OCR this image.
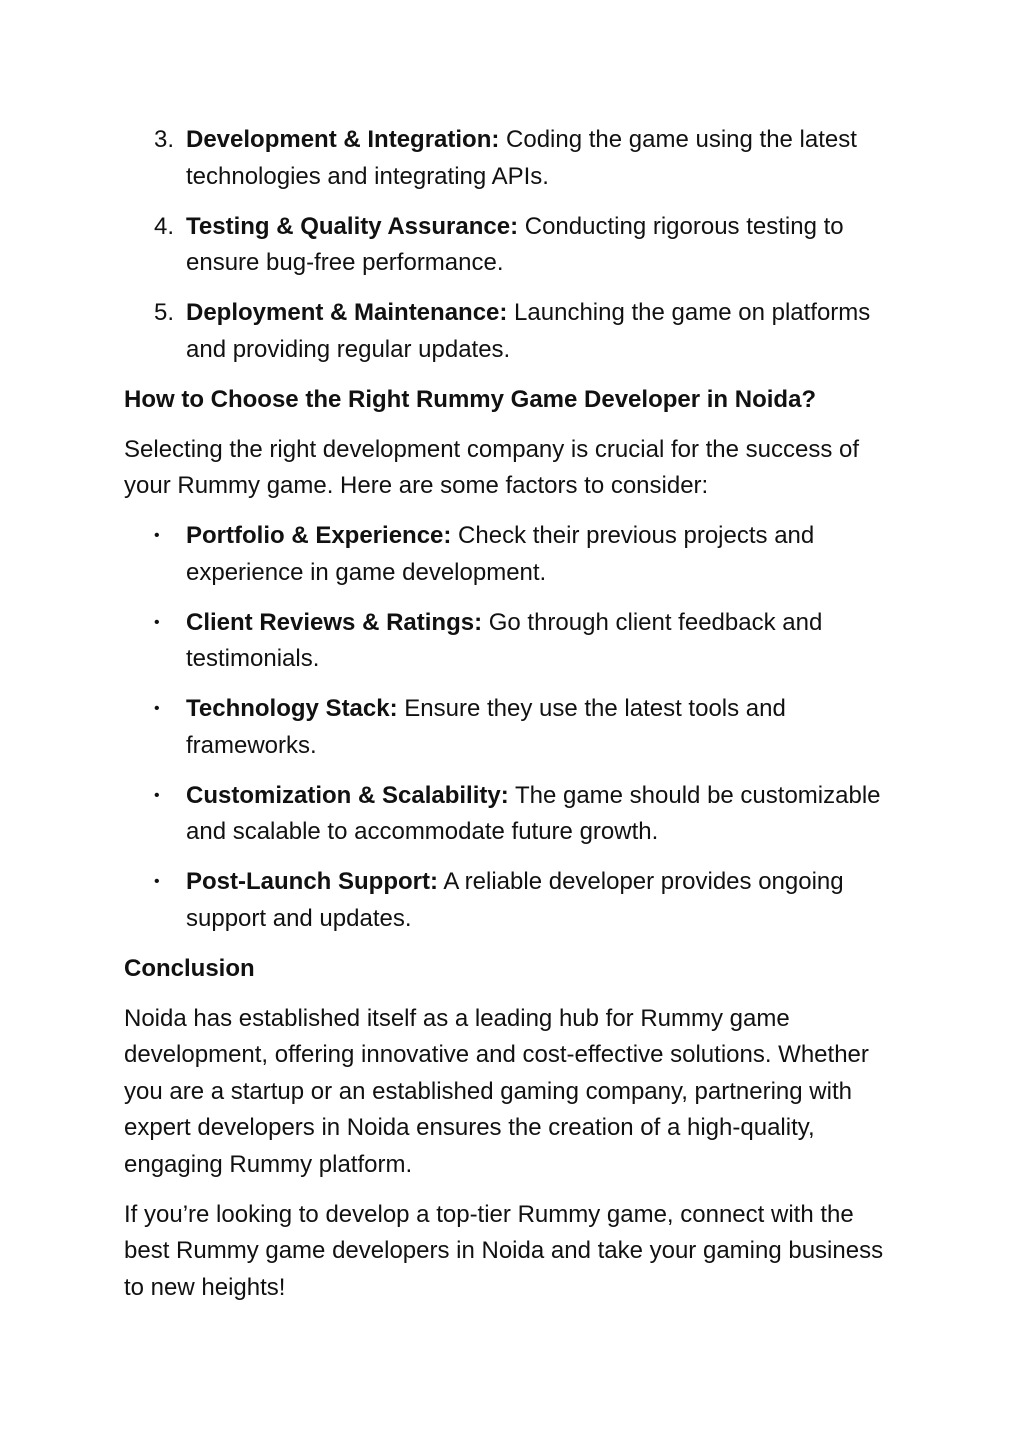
3. Development & Integration: Coding the game using the latest technologies and integrating APIs.
4. Testing & Quality Assurance: Conducting rigorous testing to ensure bug-free performance.
5. Deployment & Maintenance: Launching the game on platforms and providing regular updates.
How to Choose the Right Rummy Game Developer in Noida?
Selecting the right development company is crucial for the success of your Rummy game. Here are some factors to consider:
• Portfolio & Experience: Check their previous projects and experience in game development.
• Client Reviews & Ratings: Go through client feedback and testimonials.
• Technology Stack: Ensure they use the latest tools and frameworks.
• Customization & Scalability: The game should be customizable and scalable to accommodate future growth.
• Post-Launch Support: A reliable developer provides ongoing support and updates.
Conclusion
Noida has established itself as a leading hub for Rummy game development, offering innovative and cost-effective solutions. Whether you are a startup or an established gaming company, partnering with expert developers in Noida ensures the creation of a high-quality, engaging Rummy platform.
If you’re looking to develop a top-tier Rummy game, connect with the best Rummy game developers in Noida and take your gaming business to new heights!
